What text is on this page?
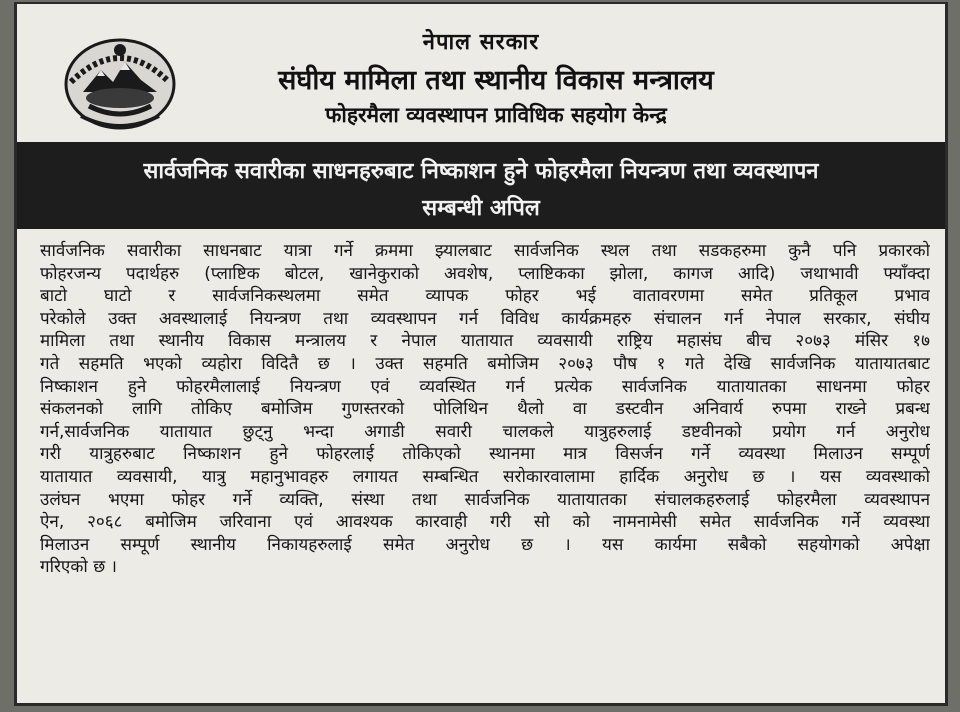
नेपाल सरकार
संघीय मामिला तथा स्थानीय विकास मन्त्रालय
फोहरमैला व्यवस्थापन प्राविधिक सहयोग केन्द्र
सार्वजनिक सवारीका साधनहरुबाट निष्काशन हुने फोहरमैला नियन्त्रण तथा व्यवस्थापन
सम्बन्धी अपिल
सार्वजनिक सवारीका साधनबाट यात्रा गर्ने क्रममा झ्यालबाट सार्वजनिक स्थल तथा सडकहरुमा कुनै पनि प्रकारको
फोहरजन्य पदार्थहरु (प्लाष्टिक बोटल, खानेकुराको अवशेष, प्लाष्टिकका झोला, कागज आदि) जथाभावी फ्याँक्दा
बाटो घाटो र सार्वजनिकस्थलमा समेत व्यापक फोहर भई वातावरणमा समेत प्रतिकूल प्रभाव
परेकोले उक्त अवस्थालाई नियन्त्रण तथा व्यवस्थापन गर्न विविध कार्यक्रमहरु संचालन गर्न नेपाल सरकार, संघीय
मामिला तथा स्थानीय विकास मन्त्रालय र नेपाल यातायात व्यवसायी राष्ट्रिय महासंघ बीच २०७३ मंसिर १७
गते सहमति भएको व्यहोरा विदितै छ । उक्त सहमति बमोजिम २०७३ पौष १ गते देखि सार्वजनिक यातायातबाट
निष्काशन हुने फोहरमैलालाई नियन्त्रण एवं व्यवस्थित गर्न प्रत्येक सार्वजनिक यातायातका साधनमा फोहर
संकलनको लागि तोकिए बमोजिम गुणस्तरको पोलिथिन थैलो वा डस्टवीन अनिवार्य रुपमा राख्ने प्रबन्ध
गर्न,सार्वजनिक यातायात छुट्नु भन्दा अगाडी सवारी चालकले यात्रुहरुलाई डष्टवीनको प्रयोग गर्न अनुरोध
गरी यात्रुहरुबाट निष्काशन हुने फोहरलाई तोकिएको स्थानमा मात्र विसर्जन गर्ने व्यवस्था मिलाउन सम्पूर्ण
यातायात व्यवसायी, यात्रु महानुभावहरु लगायत सम्बन्धित सरोकारवालामा हार्दिक अनुरोध छ । यस व्यवस्थाको
उलंघन भएमा फोहर गर्ने व्यक्ति, संस्था तथा सार्वजनिक यातायातका संचालकहरुलाई फोहरमैला व्यवस्थापन
ऐन, २०६८ बमोजिम जरिवाना एवं आवश्यक कारवाही गरी सो को नामनामेसी समेत सार्वजनिक गर्ने व्यवस्था
मिलाउन सम्पूर्ण स्थानीय निकायहरुलाई समेत अनुरोध छ । यस कार्यमा सबैको सहयोगको अपेक्षा
गरिएको छ ।
